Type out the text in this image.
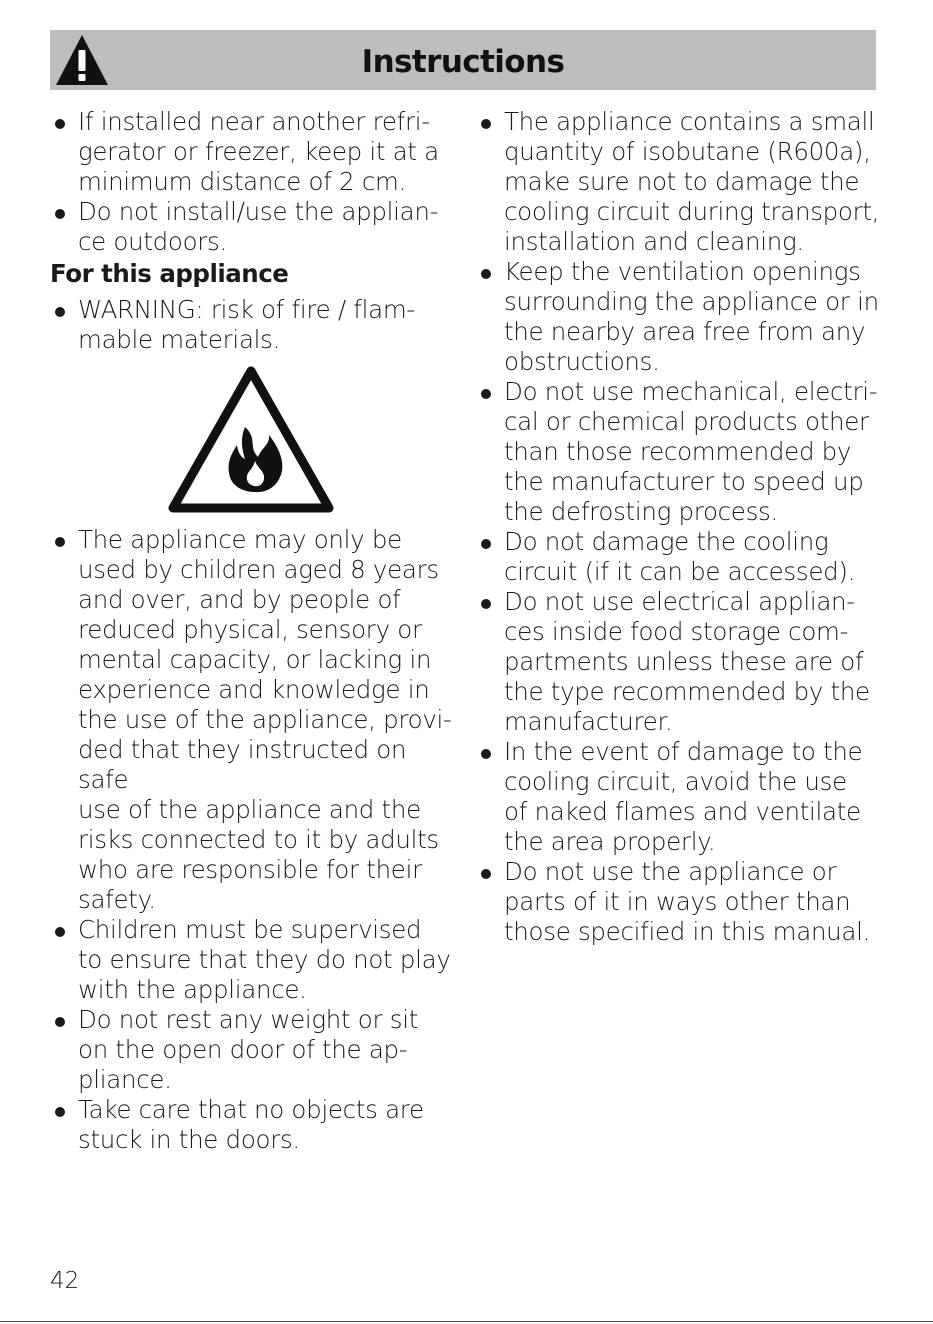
Instructions
If installed near another refri-
gerator or freezer, keep it at a
minimum distance of 2 cm.
Do not install/use the applian-
ce outdoors.
For this appliance
WARNING: risk of fire / flam-
mable materials.
The appliance may only be
used by children aged 8 years
and over, and by people of
reduced physical, sensory or
mental capacity, or lacking in
experience and knowledge in
the use of the appliance, provi-
ded that they instructed on safe
use of the appliance and the
risks connected to it by adults
who are responsible for their
safety.
Children must be supervised
to ensure that they do not play
with the appliance.
Do not rest any weight or sit
on the open door of the ap-
pliance.
Take care that no objects are
stuck in the doors.
The appliance contains a small
quantity of isobutane (R600a),
make sure not to damage the
cooling circuit during transport,
installation and cleaning.
Keep the ventilation openings
surrounding the appliance or in
the nearby area free from any
obstructions.
Do not use mechanical, electri-
cal or chemical products other
than those recommended by
the manufacturer to speed up
the defrosting process.
Do not damage the cooling
circuit (if it can be accessed).
Do not use electrical applian-
ces inside food storage com-
partments unless these are of
the type recommended by the
manufacturer.
In the event of damage to the
cooling circuit, avoid the use
of naked flames and ventilate
the area properly.
Do not use the appliance or
parts of it in ways other than
those specified in this manual.
42
